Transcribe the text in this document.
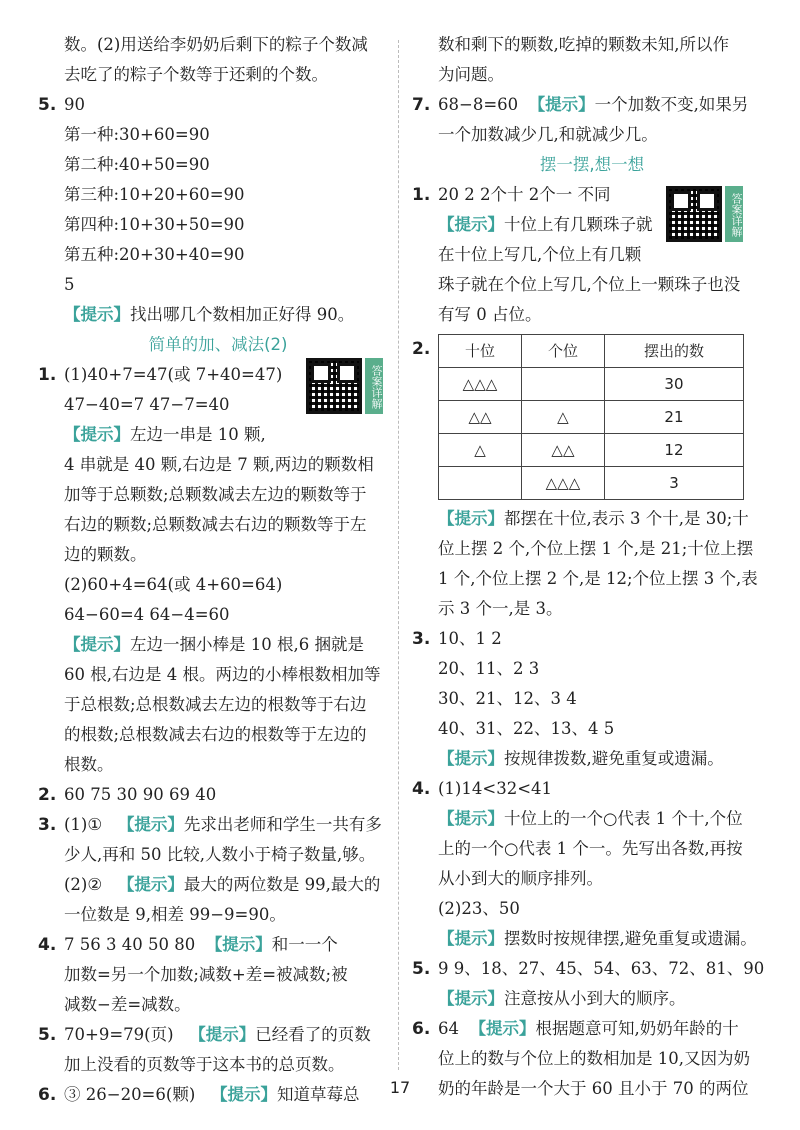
数。(2)用送给李奶奶后剩下的粽子个数减
去吃了的粽子个数等于还剩的个数。
5. 90
第一种:30+60=90
第二种:40+50=90
第三种:10+20+60=90
第四种:10+30+50=90
第五种:20+30+40=90
5
【提示】找出哪几个数相加正好得 90。
简单的加、减法(2)
1. (1)40+7=47(或 7+40=47)
47−40=7 47−7=40
【提示】左边一串是 10 颗,
4 串就是 40 颗,右边是 7 颗,两边的颗数相
加等于总颗数;总颗数减去左边的颗数等于
右边的颗数;总颗数减去右边的颗数等于左
边的颗数。
(2)60+4=64(或 4+60=64)
64−60=4 64−4=60
【提示】左边一捆小棒是 10 根,6 捆就是
60 根,右边是 4 根。两边的小棒根数相加等
于总根数;总根数减去左边的根数等于右边
的根数;总根数减去右边的根数等于左边的
根数。
2. 60 75 30 90 69 40
3. (1)① 【提示】先求出老师和学生一共有多
少人,再和 50 比较,人数小于椅子数量,够。
(2)② 【提示】最大的两位数是 99,最大的
一位数是 9,相差 99−9=90。
4. 7 56 3 40 50 80 【提示】和一一个
加数=另一个加数;减数+差=被减数;被
减数−差=减数。
5. 70+9=79(页) 【提示】已经看了的页数
加上没看的页数等于这本书的总页数。
6. ③ 26−20=6(颗) 【提示】知道草莓总
答案详解
答案详解
数和剩下的颗数,吃掉的颗数未知,所以作
为问题。
7. 68−8=60 【提示】一个加数不变,如果另
一个加数减少几,和就减少几。
摆一摆,想一想
1. 20 2 2个十 2个一 不同
【提示】十位上有几颗珠子就
在十位上写几,个位上有几颗
珠子就在个位上写几,个位上一颗珠子也没
有写 0 占位。
2.	十位	个位	摆出的数
△△△		30
△△	△	21
△	△△	12
	△△△	3
【提示】都摆在十位,表示 3 个十,是 30;十
位上摆 2 个,个位上摆 1 个,是 21;十位上摆
1 个,个位上摆 2 个,是 12;个位上摆 3 个,表
示 3 个一,是 3。
3. 10、1 2
20、11、2 3
30、21、12、3 4
40、31、22、13、4 5
【提示】按规律拨数,避免重复或遗漏。
4. (1)14<32<41
【提示】十位上的一个○代表 1 个十,个位
上的一个○代表 1 个一。先写出各数,再按
从小到大的顺序排列。
(2)23、50
【提示】摆数时按规律摆,避免重复或遗漏。
5. 9 9、18、27、45、54、63、72、81、90
【提示】注意按从小到大的顺序。
6. 64 【提示】根据题意可知,奶奶年龄的十
位上的数与个位上的数相加是 10,又因为奶
奶的年龄是一个大于 60 且小于 70 的两位
17
